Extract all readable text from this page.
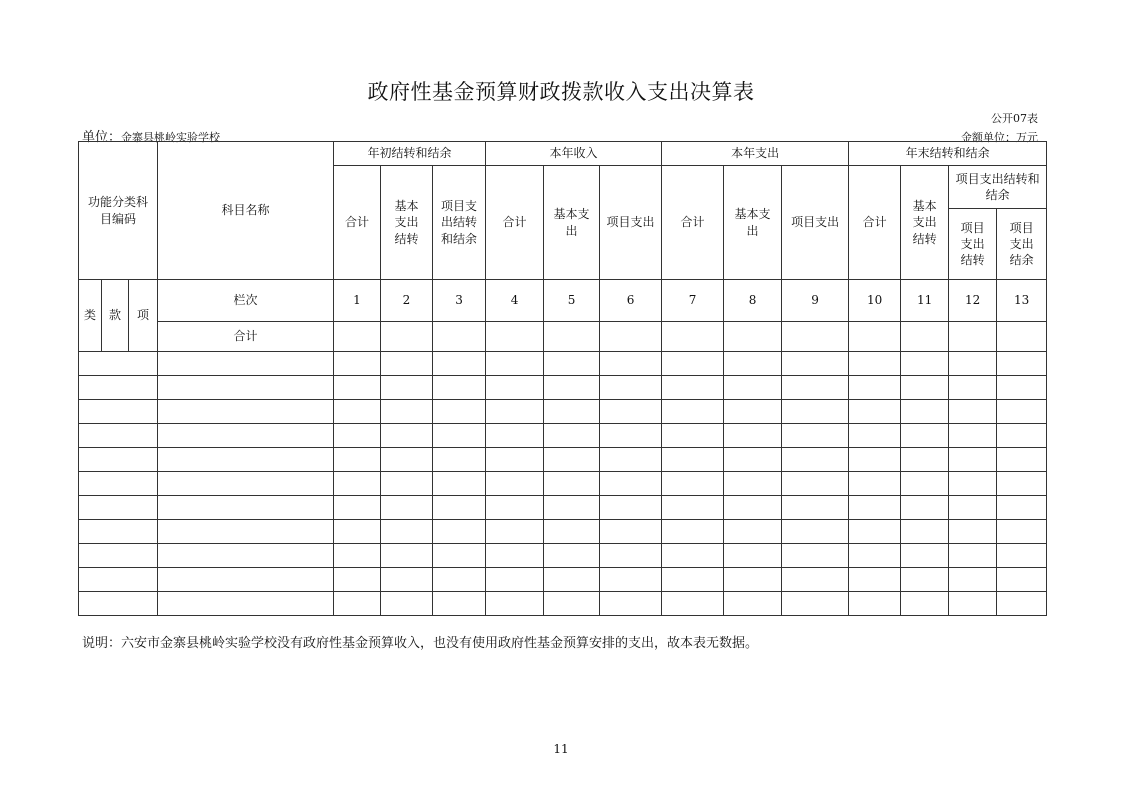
政府性基金预算财政拨款收入支出决算表
公开07表
单位：金寨县桃岭实验学校	金额单位：万元
功能分类科目编码			科目名称	年初结转和结余			本年收入			本年支出			年末结转和结余			
				合计	基本支出结转	项目支出结转和结余	合计	基本支出	项目支出	合计	基本支出	项目支出	合计	基本支出结转	项目支出结转和结余	
															项目支出结转	项目支出结余
类	款	项	栏次	1	2	3	4	5	6	7	8	9	10	11	12	13
			合计													

说明：六安市金寨县桃岭实验学校没有政府性基金预算收入，也没有使用政府性基金预算安排的支出，故本表无数据。
11
